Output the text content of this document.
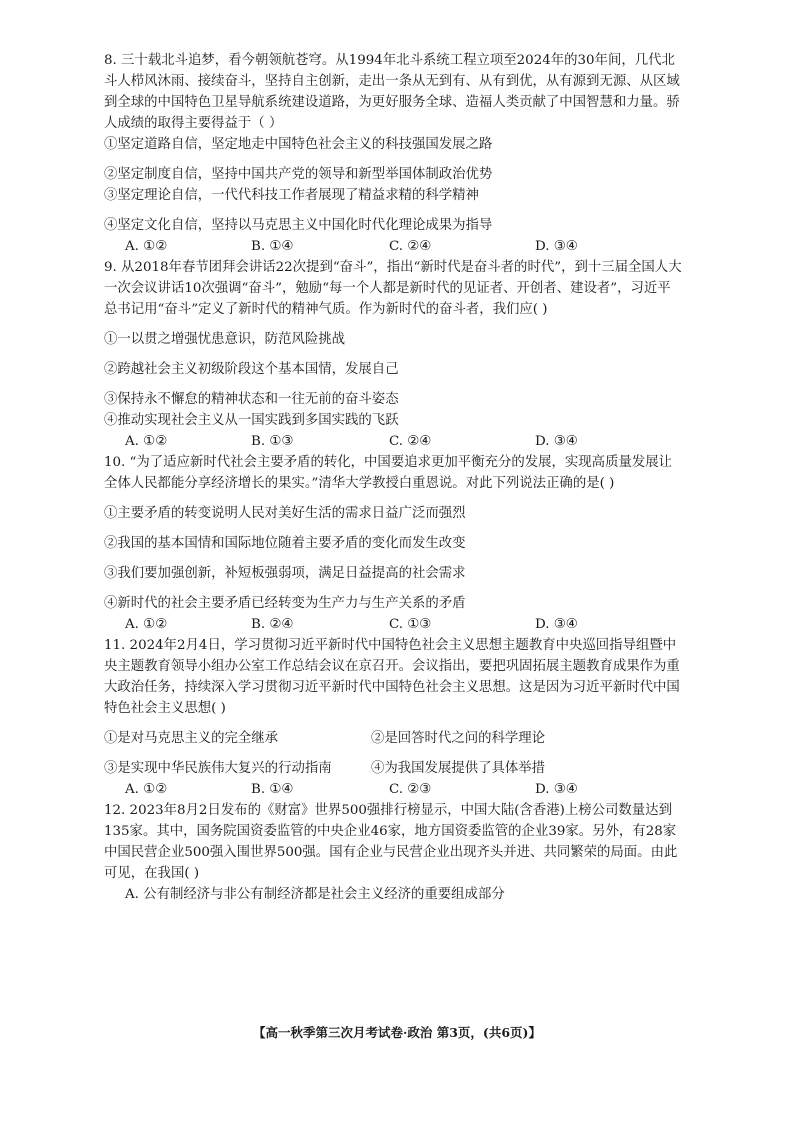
8. 三十载北斗追梦，看今朝领航苍穹。从1994年北斗系统工程立项至2024年的30年间，几代北斗人栉风沐雨、接续奋斗，坚持自主创新，走出一条从无到有、从有到优，从有源到无源、从区域到全球的中国特色卫星导航系统建设道路，为更好服务全球、造福人类贡献了中国智慧和力量。骄人成绩的取得主要得益于（ ）

①坚定道路自信，坚定地走中国特色社会主义的科技强国发展之路

②坚定制度自信，坚持中国共产党的领导和新型举国体制政治优势

③坚定理论自信，一代代科技工作者展现了精益求精的科学精神

④坚定文化自信，坚持以马克思主义中国化时代化理论成果为指导

A. ①②	B. ①④	C. ②④	D. ③④

9. 从2018年春节团拜会讲话22次提到“奋斗”，指出“新时代是奋斗者的时代”，到十三届全国人大一次会议讲话10次强调“奋斗”，勉励“每一个人都是新时代的见证者、开创者、建设者”，习近平总书记用“奋斗”定义了新时代的精神气质。作为新时代的奋斗者，我们应( )

①一以贯之增强忧患意识，防范风险挑战

②跨越社会主义初级阶段这个基本国情，发展自己

③保持永不懈怠的精神状态和一往无前的奋斗姿态

④推动实现社会主义从一国实践到多国实践的飞跃

A. ①②	B. ①③	C. ②④	D. ③④

10. “为了适应新时代社会主要矛盾的转化，中国要追求更加平衡充分的发展，实现高质量发展让全体人民都能分享经济增长的果实。”清华大学教授白重恩说。对此下列说法正确的是( )

①主要矛盾的转变说明人民对美好生活的需求日益广泛而强烈

②我国的基本国情和国际地位随着主要矛盾的变化而发生改变

③我们要加强创新，补短板强弱项，满足日益提高的社会需求

④新时代的社会主要矛盾已经转变为生产力与生产关系的矛盾

A. ①②	B. ②④	C. ①③	D. ③④

11. 2024年2月4日，学习贯彻习近平新时代中国特色社会主义思想主题教育中央巡回指导组暨中央主题教育领导小组办公室工作总结会议在京召开。会议指出，要把巩固拓展主题教育成果作为重大政治任务，持续深入学习贯彻习近平新时代中国特色社会主义思想。这是因为习近平新时代中国特色社会主义思想( )

①是对马克思主义的完全继承	②是回答时代之问的科学理论
③是实现中华民族伟大复兴的行动指南	④为我国发展提供了具体举措
A. ①②	B. ①④	C. ②③	D. ③④

12. 2023年8月2日发布的《财富》世界500强排行榜显示，中国大陆(含香港)上榜公司数量达到135家。其中，国务院国资委监管的中央企业46家，地方国资委监管的企业39家。另外，有28家中国民营企业500强入围世界500强。国有企业与民营企业出现齐头并进、共同繁荣的局面。由此可见，在我国( )

A. 公有制经济与非公有制经济都是社会主义经济的重要组成部分

【高一秋季第三次月考试卷·政治 第3页，(共6页)】
